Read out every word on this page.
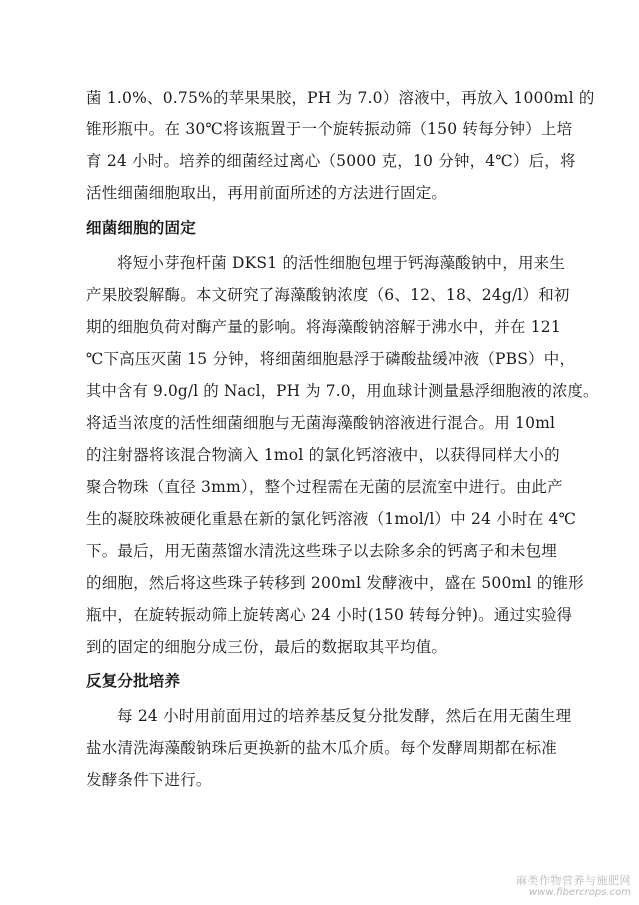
菌 1.0%、0.75%的苹果果胶，PH 为 7.0）溶液中，再放入 1000ml 的
锥形瓶中。在 30℃将该瓶置于一个旋转振动筛（150 转每分钟）上培
育 24 小时。培养的细菌经过离心（5000 克，10 分钟，4℃）后，将
活性细菌细胞取出，再用前面所述的方法进行固定。
细菌细胞的固定
将短小芽孢杆菌 DKS1 的活性细胞包埋于钙海藻酸钠中，用来生
产果胶裂解酶。本文研究了海藻酸钠浓度（6、12、18、24g/l）和初
期的细胞负荷对酶产量的影响。将海藻酸钠溶解于沸水中，并在 121
℃下高压灭菌 15 分钟，将细菌细胞悬浮于磷酸盐缓冲液（PBS）中，
其中含有 9.0g/l 的 Nacl，PH 为 7.0，用血球计测量悬浮细胞液的浓度。
将适当浓度的活性细菌细胞与无菌海藻酸钠溶液进行混合。用 10ml
的注射器将该混合物滴入 1mol 的氯化钙溶液中，以获得同样大小的
聚合物珠（直径 3mm），整个过程需在无菌的层流室中进行。由此产
生的凝胶珠被硬化重悬在新的氯化钙溶液（1mol/l）中 24 小时在 4℃
下。最后，用无菌蒸馏水清洗这些珠子以去除多余的钙离子和未包埋
的细胞，然后将这些珠子转移到 200ml 发酵液中，盛在 500ml 的锥形
瓶中，在旋转振动筛上旋转离心 24 小时(150 转每分钟)。通过实验得
到的固定的细胞分成三份，最后的数据取其平均值。
反复分批培养
每 24 小时用前面用过的培养基反复分批发酵，然后在用无菌生理
盐水清洗海藻酸钠珠后更换新的盐木瓜介质。每个发酵周期都在标准
发酵条件下进行。
麻类作物营养与施肥网
www.fibercrops.com
